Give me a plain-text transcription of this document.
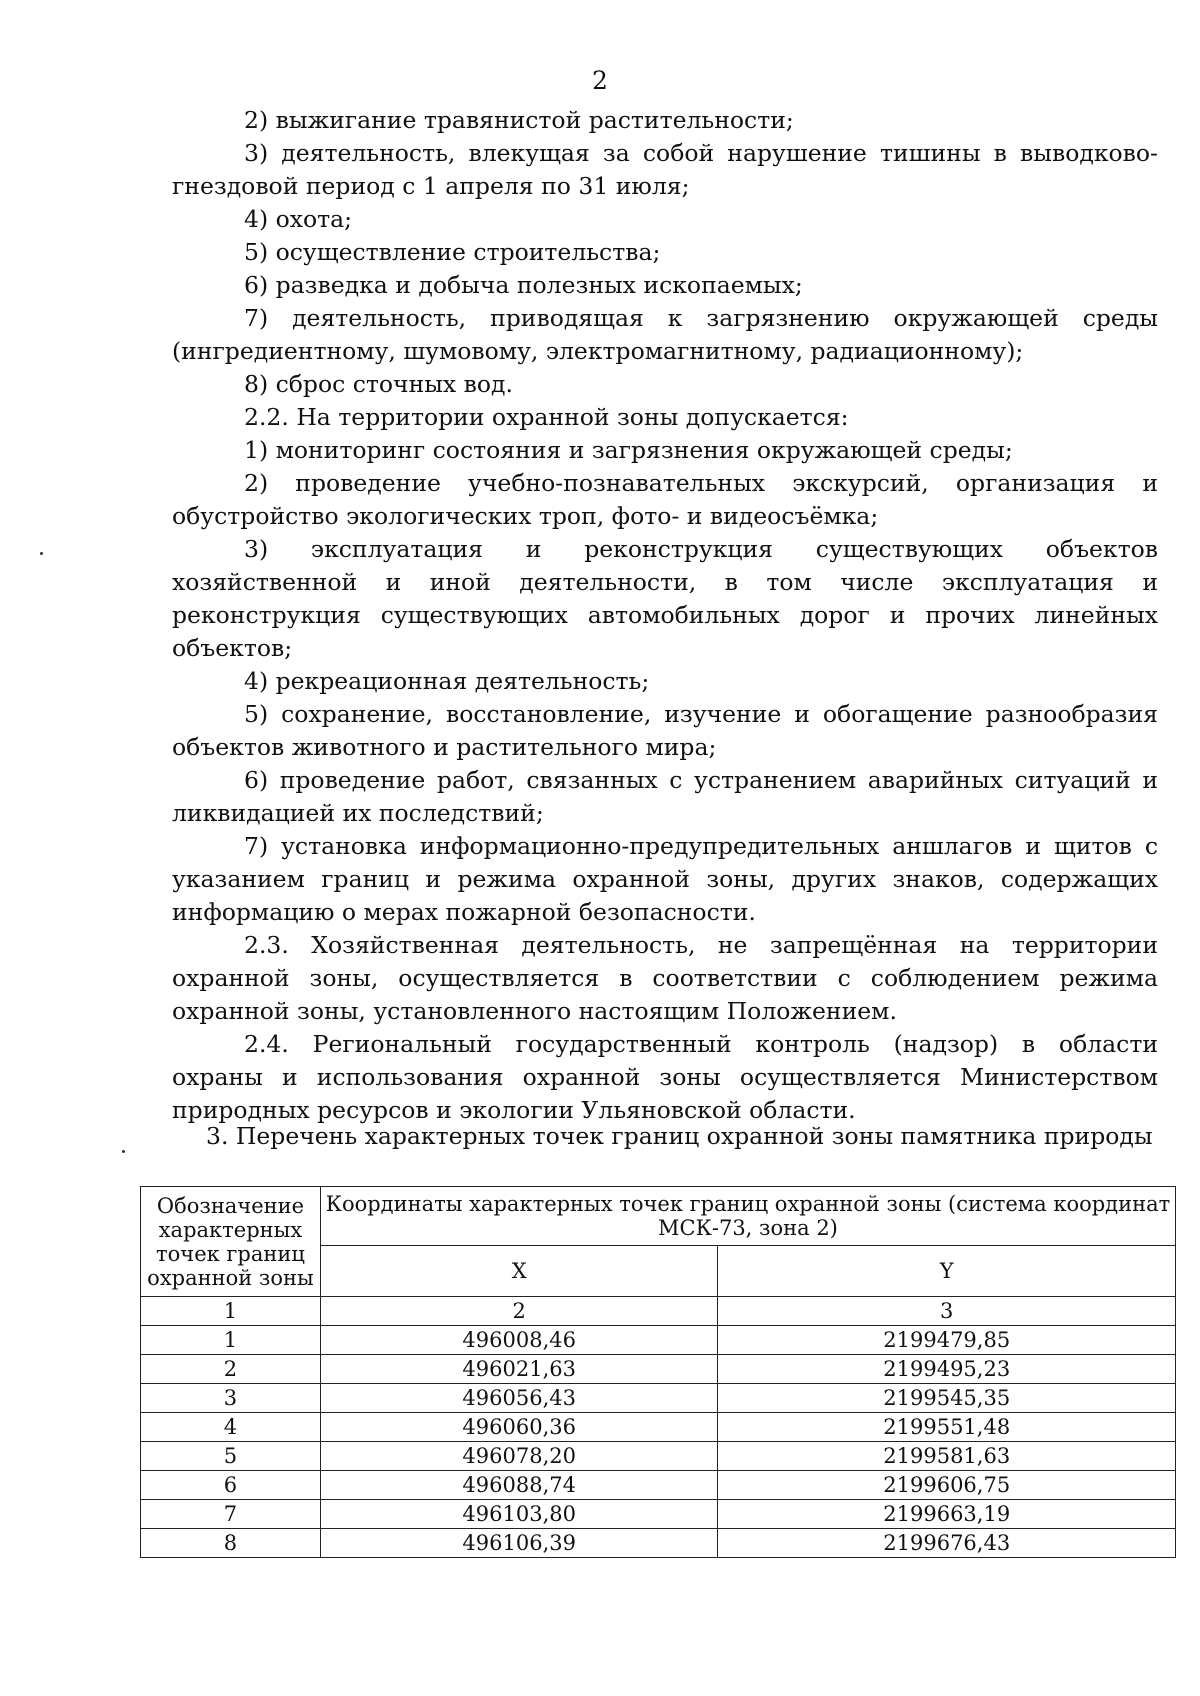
2

2) выжигание травянистой растительности;

3) деятельность, влекущая за собой нарушение тишины в выводково-гнездовой период с 1 апреля по 31 июля;

4) охота;

5) осуществление строительства;

6) разведка и добыча полезных ископаемых;

7) деятельность, приводящая к загрязнению окружающей среды (ингредиентному, шумовому, электромагнитному, радиационному);

8) сброс сточных вод.

2.2. На территории охранной зоны допускается:

1) мониторинг состояния и загрязнения окружающей среды;

2) проведение учебно-познавательных экскурсий, организация и обустройство экологических троп, фото- и видеосъёмка;

3) эксплуатация и реконструкция существующих объектов хозяйственной и иной деятельности, в том числе эксплуатация и реконструкция существующих автомобильных дорог и прочих линейных объектов;

4) рекреационная деятельность;

5) сохранение, восстановление, изучение и обогащение разнообразия объектов животного и растительного мира;

6) проведение работ, связанных с устранением аварийных ситуаций и ликвидацией их последствий;

7) установка информационно-предупредительных аншлагов и щитов с указанием границ и режима охранной зоны, других знаков, содержащих информацию о мерах пожарной безопасности.

2.3. Хозяйственная деятельность, не запрещённая на территории охранной зоны, осуществляется в соответствии с соблюдением режима охранной зоны, установленного настоящим Положением.

2.4. Региональный государственный контроль (надзор) в области охраны и использования охранной зоны осуществляется Министерством природных ресурсов и экологии Ульяновской области.

3. Перечень характерных точек границ охранной зоны памятника природы
Обозначение характерных точек границ охранной зоны	Координаты характерных точек границ охранной зоны (система координат МСК-73, зона 2)	
	X	Y
1	2	3
1	496008,46	2199479,85
2	496021,63	2199495,23
3	496056,43	2199545,35
4	496060,36	2199551,48
5	496078,20	2199581,63
6	496088,74	2199606,75
7	496103,80	2199663,19
8	496106,39	2199676,43
